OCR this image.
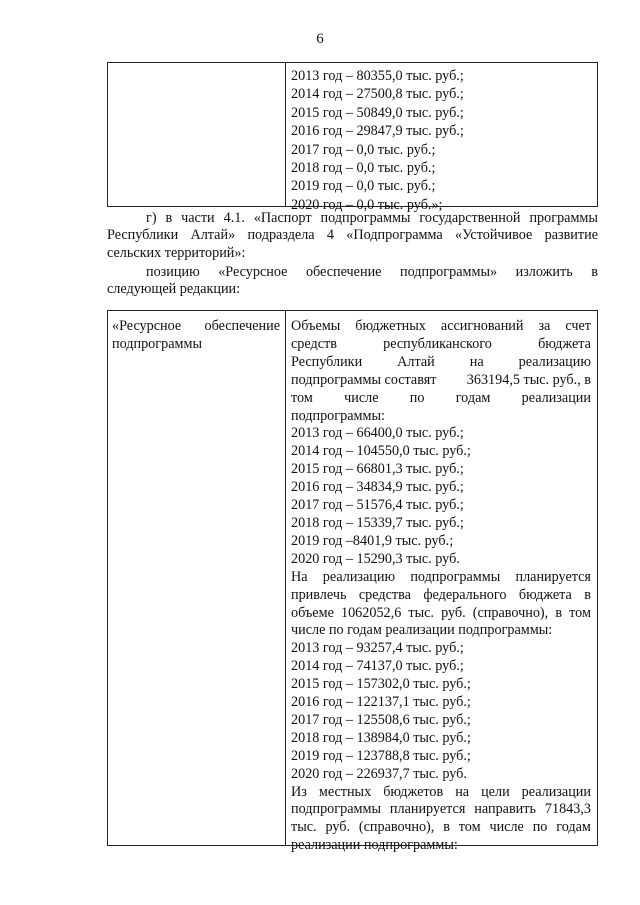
6
2013 год – 80355,0 тыс. руб.;
2014 год – 27500,8 тыс. руб.;
2015 год – 50849,0 тыс. руб.;
2016 год – 29847,9 тыс. руб.;
2017 год – 0,0 тыс. руб.;
2018 год – 0,0 тыс. руб.;
2019 год – 0,0 тыс. руб.;
2020 год – 0,0 тыс. руб.»;
г) в части 4.1. «Паспорт подпрограммы государственной программы
Республики Алтай» подраздела 4 «Подпрограмма «Устойчивое развитие
сельских территорий»:
позицию «Ресурсное обеспечение подпрограммы» изложить в
следующей редакции:
«Ресурсное обеспечение
подпрограммы
Объемы бюджетных ассигнований за счет
средств	республиканского	бюджета
Республики Алтай на реализацию
подпрограммы составят 363194,5 тыс. руб., в
том числе по годам реализации
подпрограммы:
2013 год – 66400,0 тыс. руб.;
2014 год – 104550,0 тыс. руб.;
2015 год – 66801,3 тыс. руб.;
2016 год – 34834,9 тыс. руб.;
2017 год – 51576,4 тыс. руб.;
2018 год – 15339,7 тыс. руб.;
2019 год –8401,9 тыс. руб.;
2020 год – 15290,3 тыс. руб.
На реализацию подпрограммы планируется
привлечь средства федерального бюджета в
объеме 1062052,6 тыс. руб. (справочно), в том
числе по годам реализации подпрограммы:
2013 год – 93257,4 тыс. руб.;
2014 год – 74137,0 тыс. руб.;
2015 год – 157302,0 тыс. руб.;
2016 год – 122137,1 тыс. руб.;
2017 год – 125508,6 тыс. руб.;
2018 год – 138984,0 тыс. руб.;
2019 год – 123788,8 тыс. руб.;
2020 год – 226937,7 тыс. руб.
Из местных бюджетов на цели реализации
подпрограммы планируется направить 71843,3
тыс. руб. (справочно), в том числе по годам
реализации подпрограммы:
